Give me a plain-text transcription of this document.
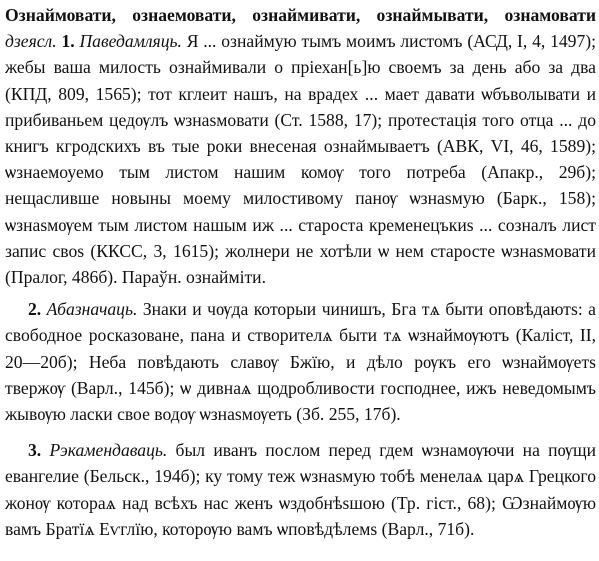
Ознаймовати, ознаемовати, ознаймивати, ознаймывати, ознамовати дзеясл. 1. Паведамляць. Я ... ознаймую тымъ моимъ листомъ (АСД, I, 4, 1497); жебы ваша милость ознаймивали о пріехан[ь]ю своемъ за день або за два (КПД, 809, 1565); тот кглеит нашъ, на врадех ... мает давати ѡбъволывати и прибиваньем цедѹлъ ѡзнаѕмовати (Ст. 1588, 17); протестація того отца ... до книгъ кгродскихъ въ тые роки внесеная ознаймываетъ (АВК, VI, 46, 1589); ѡзнаемоуемо тым листом нашим комѹ того потреба (Апакр., 29б); нещасливше новыны моему милостивому панѹ ѡзнаѕмую (Барк., 158); ѡзнаѕмѹем тым листом нашым иж ... староста кременецъкиѕ ... созналъ лист запис своѕ (ККСС, 3, 1615); жолнери не хотѣли ѡ нем старосте ѡзнаѕмовати (Пралог, 486б). Параўн. ознайміти.

2. Абазначаць. Знаки и чѹда которыи чинишъ, Бга тѧ быти оповѣдаютѕ: а свободное росказоване, пана и створителѧ быти тѧ ѡзнаймѹютъ (Каліст, II, 20—20б); Неба повѣдають славѹ Бжїю, и дѣло рѹкъ его ѡзнаймѹетѕ твержѹ (Варл., 145б); ѡ дивнаѧ щодробливости господнее, ижъ неведомымъ жывѹю ласки свое водѹ ѡзнаѕмѹеть (Зб. 255, 17б).

3. Рэкамендаваць. был иванъ послом перед гдем ѡзнамѹючи на пѹщи евангелие (Бельск., 194б); ку тому теж ѡзнаѕмую тобѣ менелаѧ царѧ Грецкого жонѹ котораѧ над всѣхъ нас женъ ѡздобнѣѕшою (Тр. гіст., 68); Ѡзнаймѹю вамъ Братїѧ Еѵглїю, которѹю вамъ ѡповѣдѣлемѕ (Варл., 71б).
